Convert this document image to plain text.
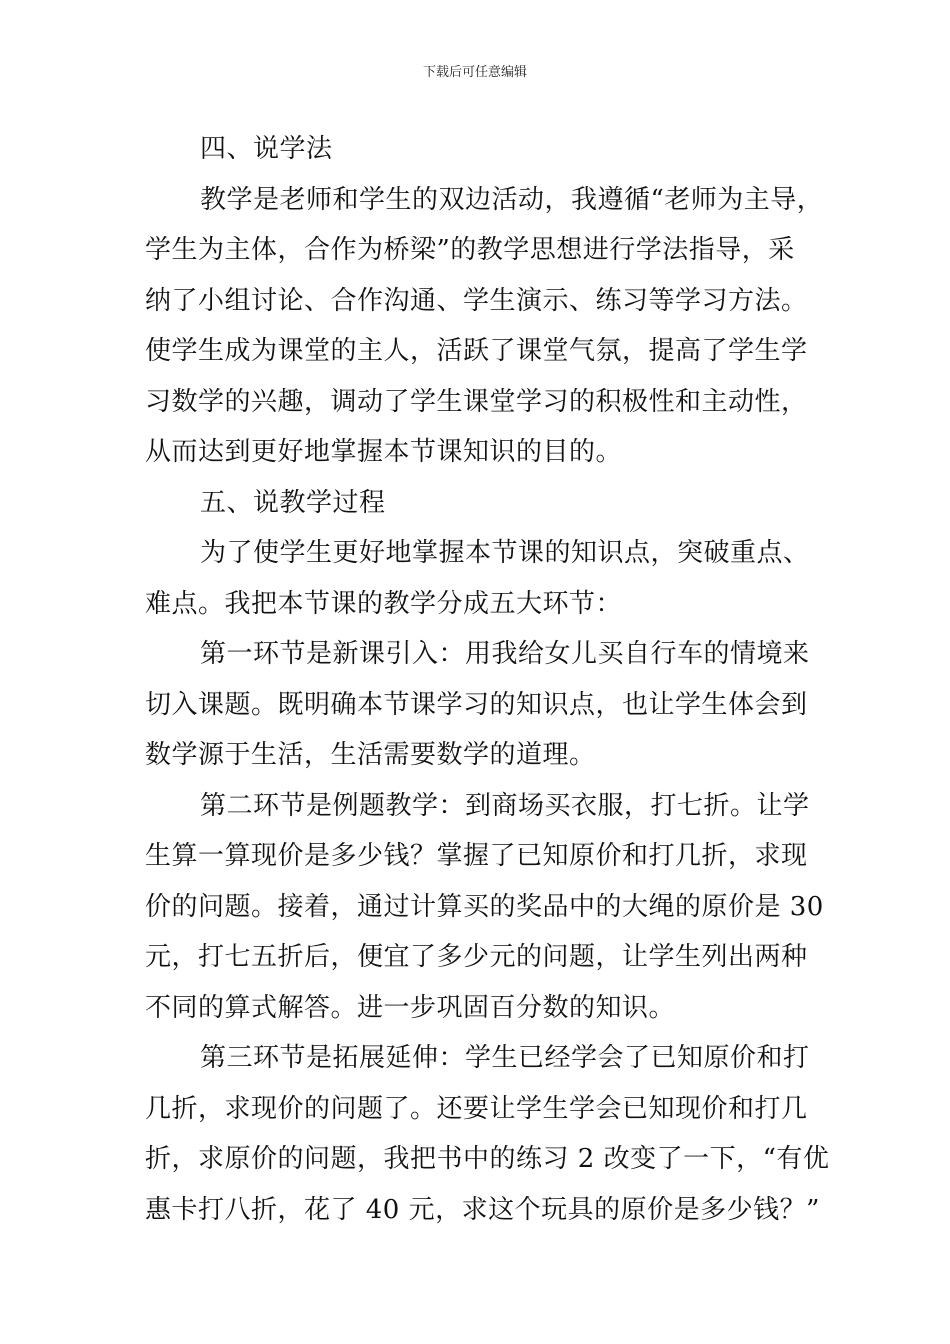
下载后可任意编辑
四、说学法
教学是老师和学生的双边活动，我遵循“老师为主导，
学生为主体，合作为桥梁”的教学思想进行学法指导，采
纳了小组讨论、合作沟通、学生演示、练习等学习方法。
使学生成为课堂的主人，活跃了课堂气氛，提高了学生学
习数学的兴趣，调动了学生课堂学习的积极性和主动性，
从而达到更好地掌握本节课知识的目的。
五、说教学过程
为了使学生更好地掌握本节课的知识点，突破重点、
难点。我把本节课的教学分成五大环节：
第一环节是新课引入：用我给女儿买自行车的情境来
切入课题。既明确本节课学习的知识点，也让学生体会到
数学源于生活，生活需要数学的道理。
第二环节是例题教学：到商场买衣服，打七折。让学
生算一算现价是多少钱？掌握了已知原价和打几折，求现
价的问题。接着，通过计算买的奖品中的大绳的原价是 30
元，打七五折后，便宜了多少元的问题，让学生列出两种
不同的算式解答。进一步巩固百分数的知识。
第三环节是拓展延伸：学生已经学会了已知原价和打
几折，求现价的问题了。还要让学生学会已知现价和打几
折，求原价的问题，我把书中的练习 2 改变了一下，“有优
惠卡打八折，花了 40 元，求这个玩具的原价是多少钱？”
